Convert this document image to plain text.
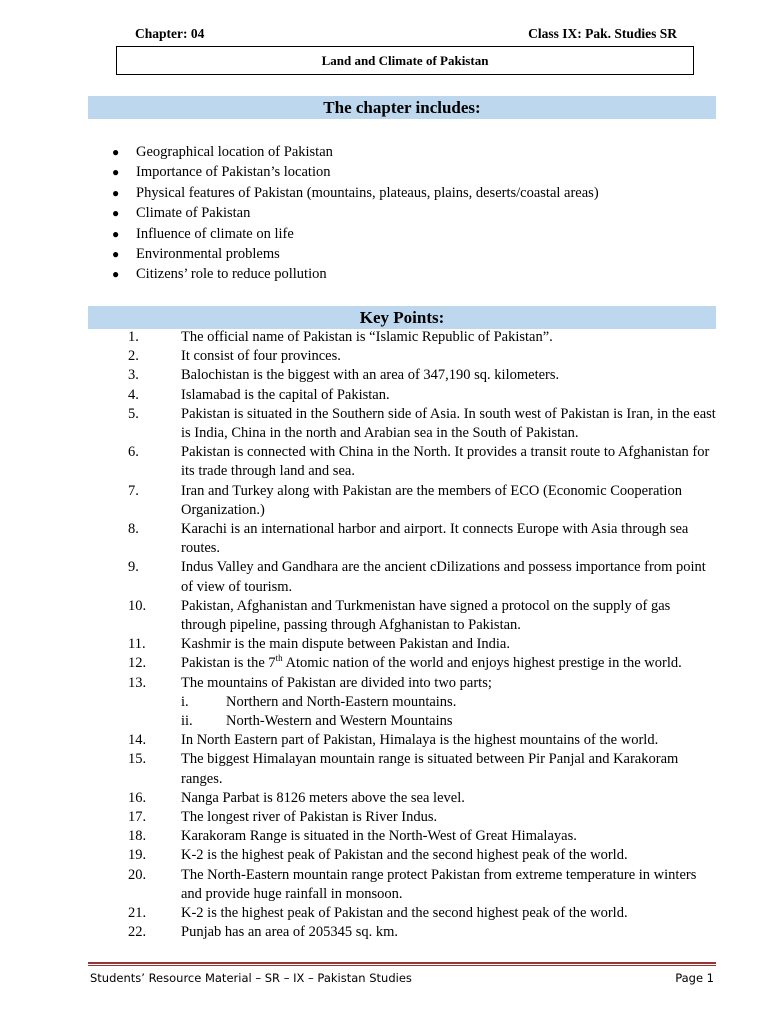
Chapter: 04	Class IX: Pak. Studies SR
Land and Climate of Pakistan
The chapter includes:
●	Geographical location of Pakistan
●	Importance of Pakistan’s location
●	Physical features of Pakistan (mountains, plateaus, plains, deserts/coastal areas)
●	Climate of Pakistan
●	Influence of climate on life
●	Environmental problems
●	Citizens’ role to reduce pollution
Key Points:
1.	The official name of Pakistan is “Islamic Republic of Pakistan”.
2.	It consist of four provinces.
3.	Balochistan is the biggest with an area of 347,190 sq. kilometers.
4.	Islamabad is the capital of Pakistan.
5.	Pakistan is situated in the Southern side of Asia. In south west of Pakistan is Iran, in the east is India, China in the north and Arabian sea in the South of Pakistan.
6.	Pakistan is connected with China in the North. It provides a transit route to Afghanistan for its trade through land and sea.
7.	Iran and Turkey along with Pakistan are the members of ECO (Economic Cooperation Organization.)
8.	Karachi is an international harbor and airport. It connects Europe with Asia through sea routes.
9.	Indus Valley and Gandhara are the ancient cDilizations and possess importance from point of view of tourism.
10.	Pakistan, Afghanistan and Turkmenistan have signed a protocol on the supply of gas through pipeline, passing through Afghanistan to Pakistan.
11.	Kashmir is the main dispute between Pakistan and India.
12.	Pakistan is the 7th Atomic nation of the world and enjoys highest prestige in the world.
13.	The mountains of Pakistan are divided into two parts;
i.	Northern and North-Eastern mountains.
ii.	North-Western and Western Mountains
14.	In North Eastern part of Pakistan, Himalaya is the highest mountains of the world.
15.	The biggest Himalayan mountain range is situated between Pir Panjal and Karakoram ranges.
16.	Nanga Parbat is 8126 meters above the sea level.
17.	The longest river of Pakistan is River Indus.
18.	Karakoram Range is situated in the North-West of Great Himalayas.
19.	K-2 is the highest peak of Pakistan and the second highest peak of the world.
20.	The North-Eastern mountain range protect Pakistan from extreme temperature in winters and provide huge rainfall in monsoon.
21.	K-2 is the highest peak of Pakistan and the second highest peak of the world.
22.	Punjab has an area of 205345 sq. km.
Students’ Resource Material – SR – IX – Pakistan Studies	Page 1
